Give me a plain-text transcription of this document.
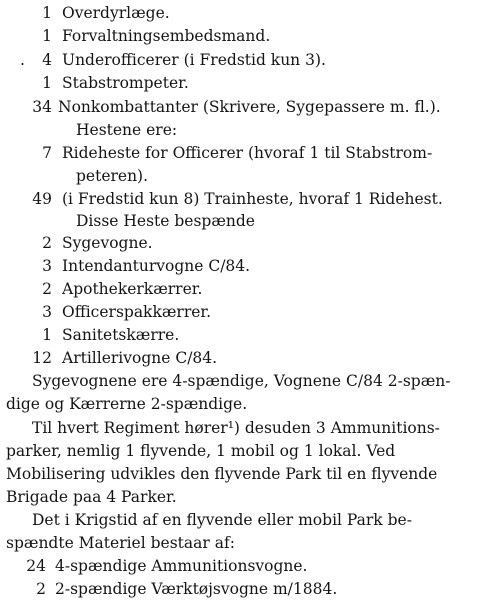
1 Overdyrlæge.
1 Forvaltningsembedsmand.
.	4 Underofficerer (i Fredstid kun 3).
1 Stabstrompeter.
34 Nonkombattanter (Skrivere, Sygepassere m. fl.).
Hestene ere:
7 Rideheste for Officerer (hvoraf 1 til Stabstrom-
peteren).
49 (i Fredstid kun 8) Trainheste, hvoraf 1 Ridehest.
Disse Heste bespænde
2 Sygevogne.
3 Intendanturvogne C/84.
2 Apothekerkærrer.
3 Officerspakkærrer.
1 Sanitetskærre.
12 Artillerivogne C/84.
Sygevognene ere 4-spændige, Vognene C/84 2-spæn-
dige og Kærrerne 2-spændige.
Til hvert Regiment hører¹) desuden 3 Ammunitions-
parker, nemlig 1 flyvende, 1 mobil og 1 lokal. Ved
Mobilisering udvikles den flyvende Park til en flyvende
Brigade paa 4 Parker.
Det i Krigstid af en flyvende eller mobil Park be-
spændte Materiel bestaar af:
24 4-spændige Ammunitionsvogne.
2 2-spændige Værktøjsvogne m/1884.
